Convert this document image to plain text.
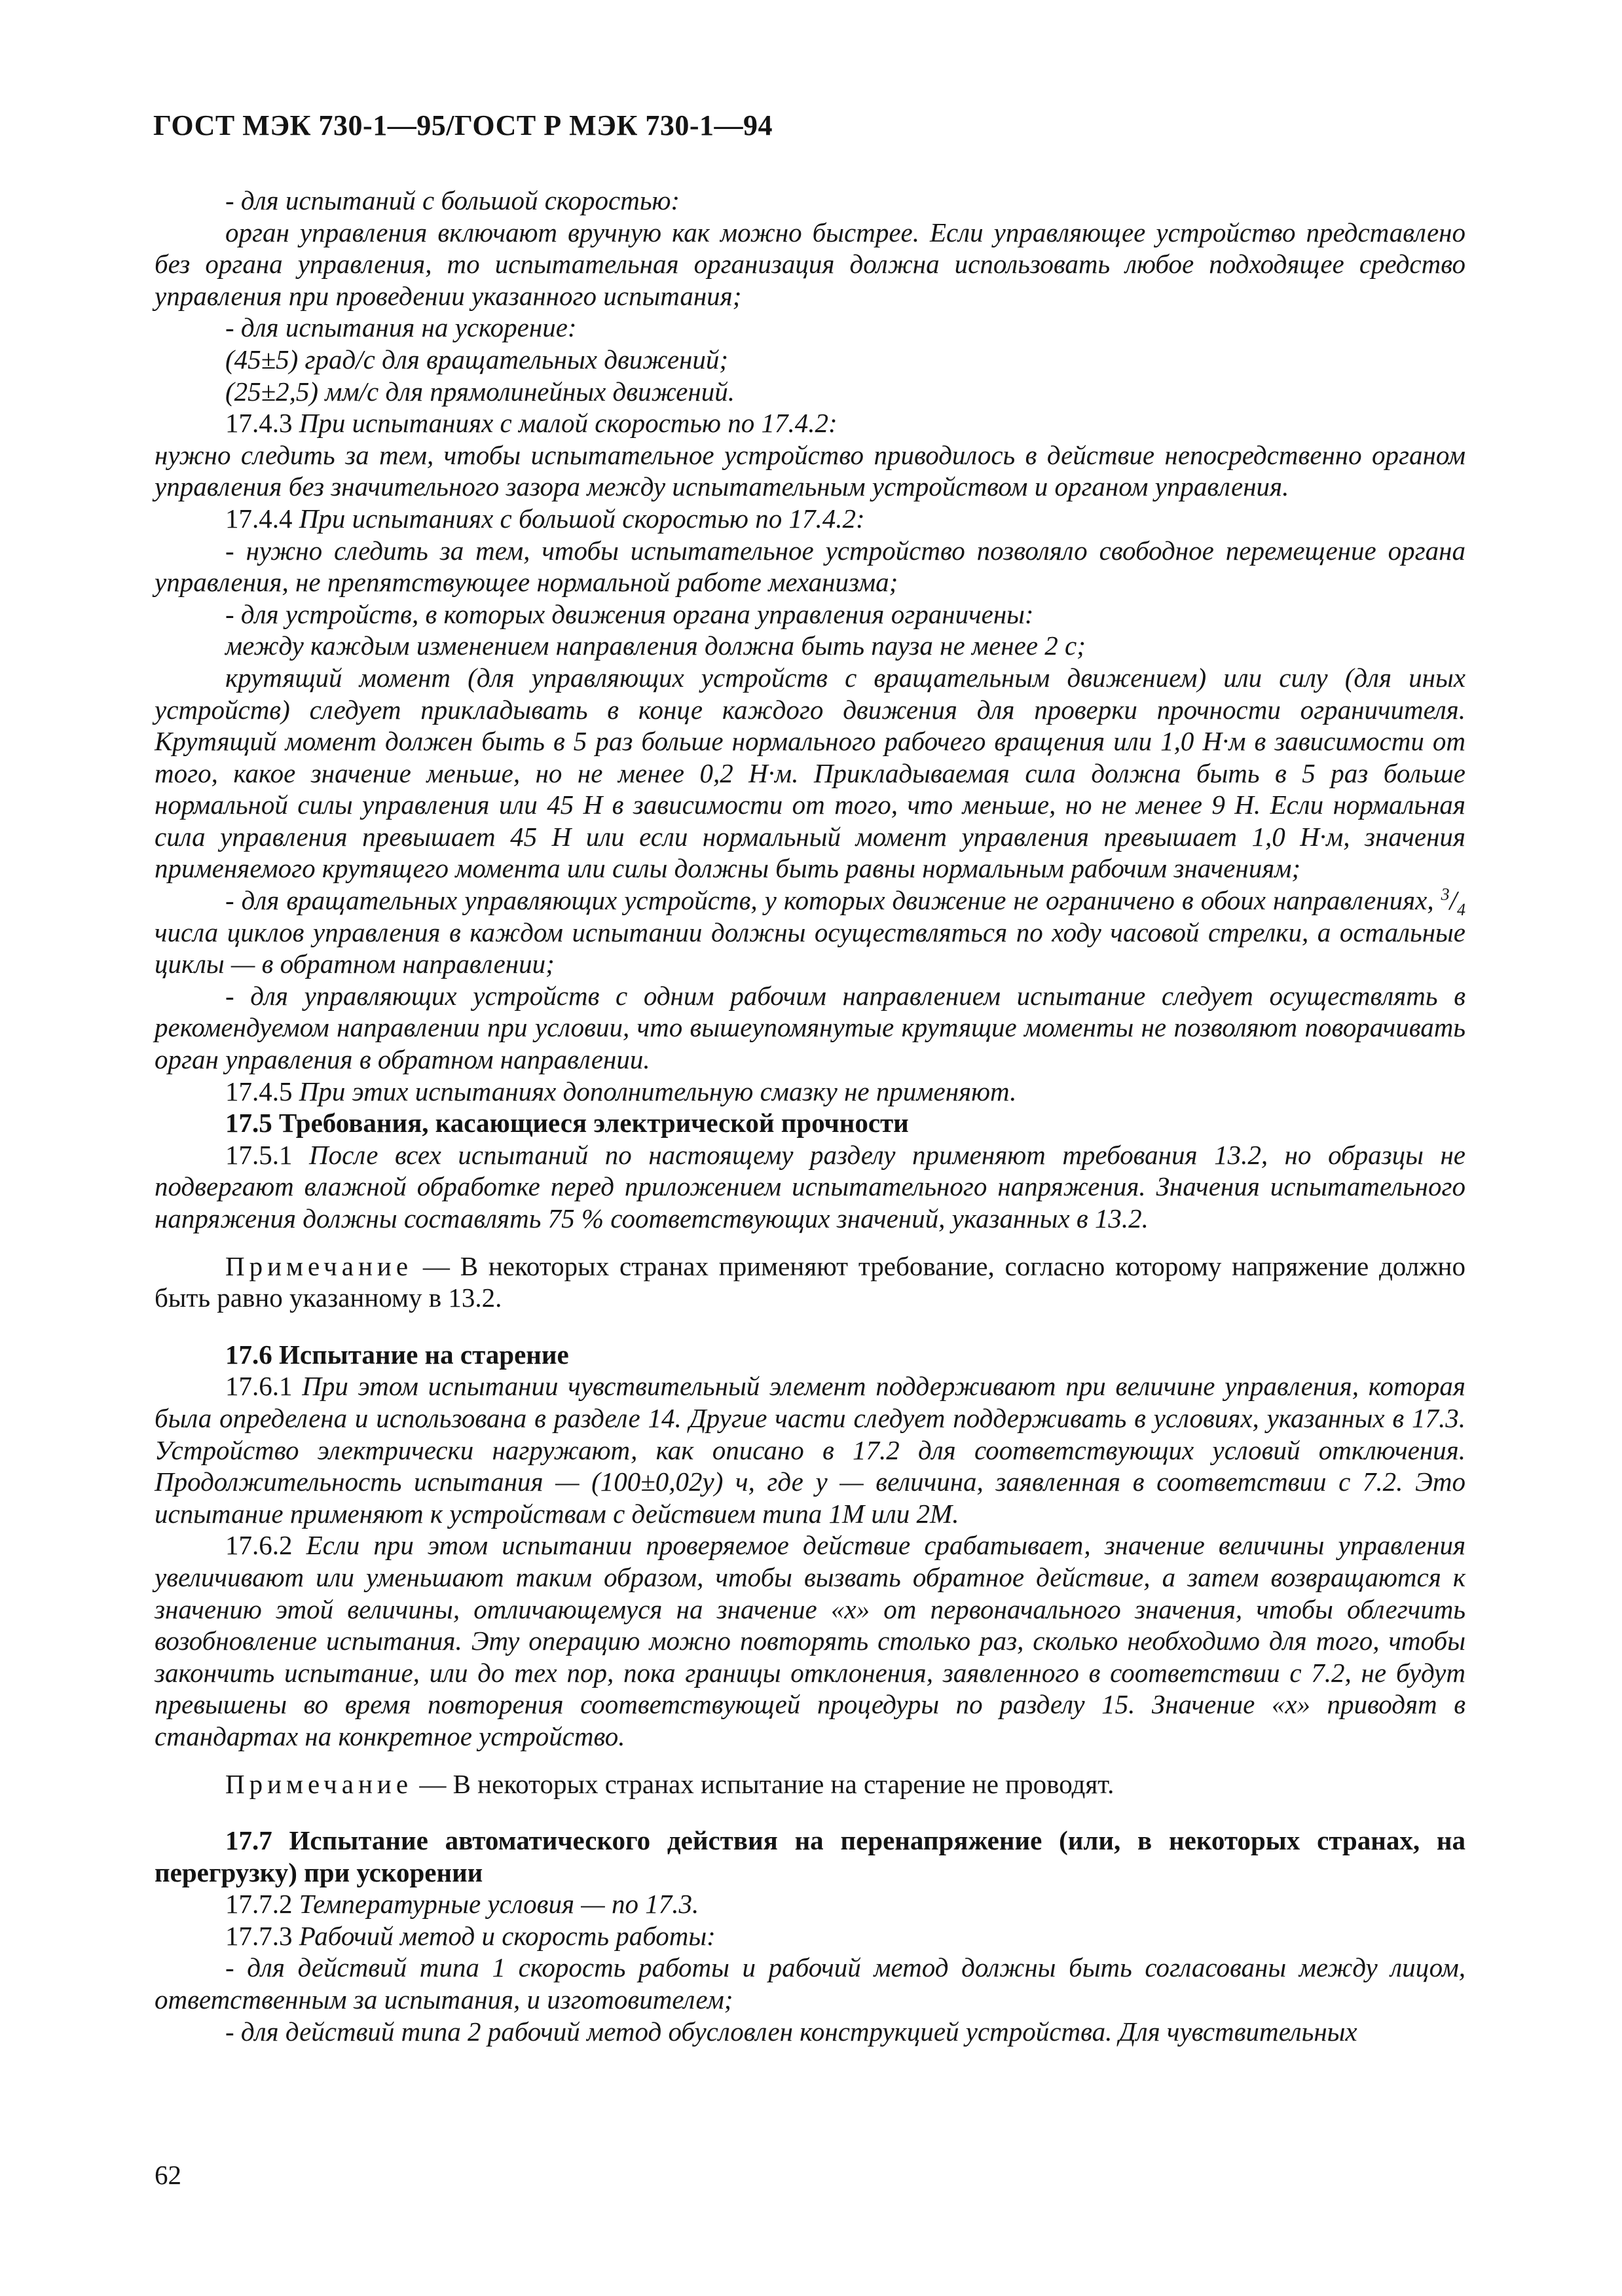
ГОСТ МЭК 730-1—95/ГОСТ Р МЭК 730-1—94

- для испытаний с большой скоростью:

орган управления включают вручную как можно быстрее. Если управляющее устройство представлено без органа управления, то испытательная организация должна использовать любое подходящее средство управления при проведении указанного испытания;

- для испытания на ускорение:

(45±5) град/с для вращательных движений;

(25±2,5) мм/с для прямолинейных движений.

17.4.3 При испытаниях с малой скоростью по 17.4.2:

нужно следить за тем, чтобы испытательное устройство приводилось в действие непосредственно органом управления без значительного зазора между испытательным устройством и органом управления.

17.4.4 При испытаниях с большой скоростью по 17.4.2:

- нужно следить за тем, чтобы испытательное устройство позволяло свободное перемещение органа управления, не препятствующее нормальной работе механизма;

- для устройств, в которых движения органа управления ограничены:

между каждым изменением направления должна быть пауза не менее 2 с;

крутящий момент (для управляющих устройств с вращательным движением) или силу (для иных устройств) следует прикладывать в конце каждого движения для проверки прочности ограничителя. Крутящий момент должен быть в 5 раз больше нормального рабочего вращения или 1,0 Н·м в зависимости от того, какое значение меньше, но не менее 0,2 Н·м. Прикладываемая сила должна быть в 5 раз больше нормальной силы управления или 45 Н в зависимости от того, что меньше, но не менее 9 Н. Если нормальная сила управления превышает 45 Н или если нормальный момент управления превышает 1,0 Н·м, значения применяемого крутящего момента или силы должны быть равны нормальным рабочим значениям;

- для вращательных управляющих устройств, у которых движение не ограничено в обоих направлениях, $^3/_4$ числа циклов управления в каждом испытании должны осуществляться по ходу часовой стрелки, а остальные циклы — в обратном направлении;

- для управляющих устройств с одним рабочим направлением испытание следует осуществлять в рекомендуемом направлении при условии, что вышеупомянутые крутящие моменты не позволяют поворачивать орган управления в обратном направлении.

17.4.5 При этих испытаниях дополнительную смазку не применяют.

17.5 Требования, касающиеся электрической прочности

17.5.1 После всех испытаний по настоящему разделу применяют требования 13.2, но образцы не подвергают влажной обработке перед приложением испытательного напряжения. Значения испытательного напряжения должны составлять 75 % соответствующих значений, указанных в 13.2.

Примечание — В некоторых странах применяют требование, согласно которому напряжение должно быть равно указанному в 13.2.

17.6 Испытание на старение

17.6.1 При этом испытании чувствительный элемент поддерживают при величине управления, которая была определена и использована в разделе 14. Другие части следует поддерживать в условиях, указанных в 17.3. Устройство электрически нагружают, как описано в 17.2 для соответствующих условий отключения. Продолжительность испытания — (100±0,02y) ч, где у — величина, заявленная в соответствии с 7.2. Это испытание применяют к устройствам с действием типа 1М или 2М.

17.6.2 Если при этом испытании проверяемое действие срабатывает, значение величины управления увеличивают или уменьшают таким образом, чтобы вызвать обратное действие, а затем возвращаются к значению этой величины, отличающемуся на значение «х» от первоначального значения, чтобы облегчить возобновление испытания. Эту операцию можно повторять столько раз, сколько необходимо для того, чтобы закончить испытание, или до тех пор, пока границы отклонения, заявленного в соответствии с 7.2, не будут превышены во время повторения соответствующей процедуры по разделу 15. Значение «х» приводят в стандартах на конкретное устройство.

Примечание — В некоторых странах испытание на старение не проводят.

17.7 Испытание автоматического действия на перенапряжение (или, в некоторых странах, на перегрузку) при ускорении

17.7.2 Температурные условия — по 17.3.

17.7.3 Рабочий метод и скорость работы:

- для действий типа 1 скорость работы и рабочий метод должны быть согласованы между лицом, ответственным за испытания, и изготовителем;

- для действий типа 2 рабочий метод обусловлен конструкцией устройства. Для чувствительных

62
